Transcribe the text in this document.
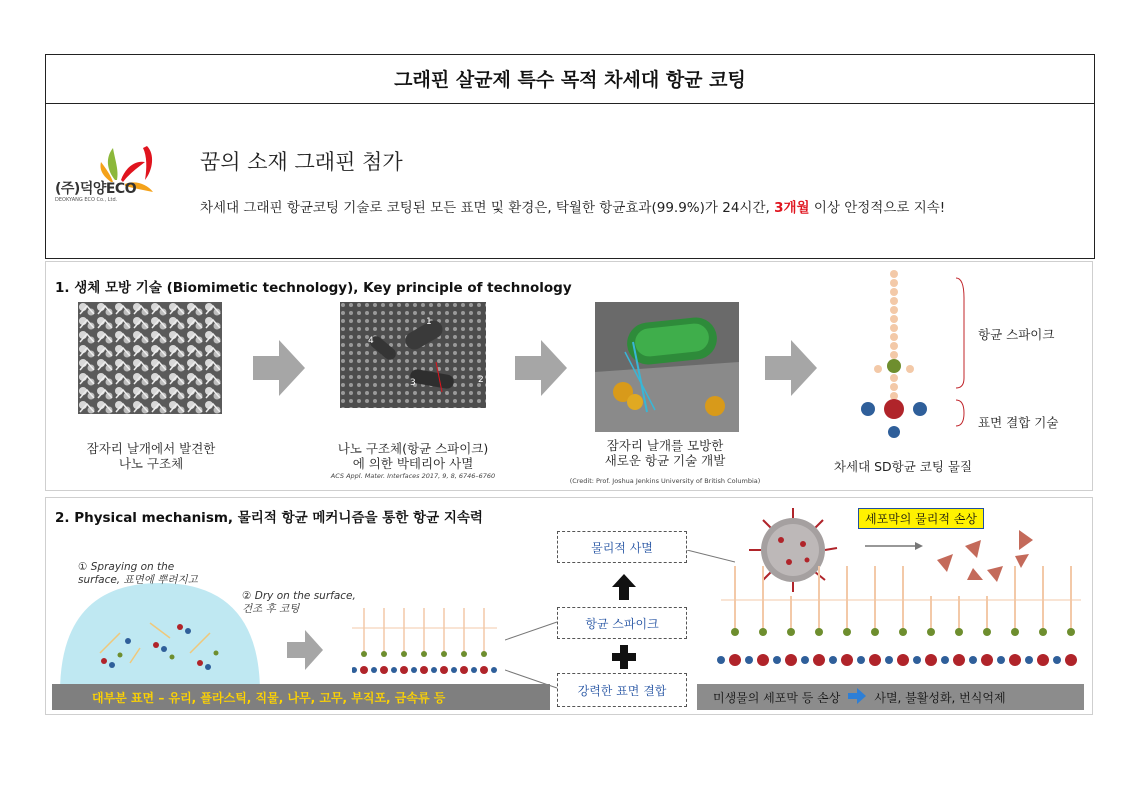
그래핀 살균제 특수 목적 차세대 항균 코팅
(주)덕양ECO
DEOKYANG ECO Co., Ltd.
꿈의 소재 그래핀 첨가
차세대 그래핀 항균코팅 기술로 코팅된 모든 표면 및 환경은, 탁월한 항균효과(99.9%)가 24시간, 3개월 이상 안정적으로 지속!
1. 생체 모방 기술 (Biomimetic technology), Key principle of technology
1
2
3
4	항균 스파이크
표면 결합 기술
잠자리 날개에서 발견한
나노 구조체
나노 구조체(항균 스파이크)
에 의한 박테리아 사멸
ACS Appl. Mater. Interfaces 2017, 9, 8, 6746–6760
잠자리 날개를 모방한
새로운 항균 기술 개발
(Credit: Prof. Joshua Jenkins University of British Columbia)
차세대 SD항균 코팅 물질
2. Physical mechanism, 물리적 항균 메커니즘을 통한 항균 지속력
① Spraying on the
surface, 표면에 뿌려지고
② Dry on the surface,
건조 후 코팅
물리적 사멸
항균 스파이크
강력한 표면 결합
세포막의 물리적 손상
대부분 표면 – 유리, 플라스틱, 직물, 나무, 고무, 부직포, 금속류 등	미생물의 세포막 등 손상	사멸, 불활성화, 번식억제
